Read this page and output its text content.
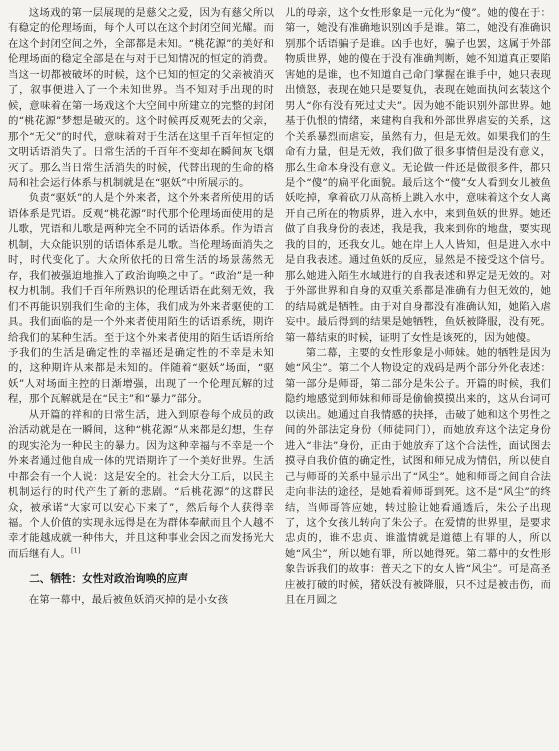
这场戏的第一层展现的是慈父之爱，因为有慈父所以有稳定的伦理场面，每个人可以在这个封闭空间光耀。而在这个封闭空间之外，全部都是未知。“桃花源”的美好和伦理场面的稳定全部是在与对于已知情况的恒定的消费。当这一切都被破坏的时候，这个已知的恒定的父亲被消灭了，叙事便进入了一个未知世界。当不知对手出现的时候，意味着在第一场戏这个大空间中所建立的完整的封闭的“桃花源”梦想是破灭的。这个时候再反观死去的父亲，那个“无父”的时代，意味着对于生活在这里千百年恒定的文明话语消失了。日常生活的千百年不变却在瞬间灰飞烟灭了。那么当日常生活消失的时候，代替出现的生命的格局和社会运行体系与机制就是在“驱妖”中所展示的。

负责“驱妖”的人是个外来者，这个外来者所使用的话语体系是咒语。反观“桃花源”时代那个伦理场面使用的是儿歌，咒语和儿歌是两种完全不同的话语体系。作为语言机制，大众能识别的话语体系是儿歌。当伦理场面消失之时，时代变化了。大众所依托的日常生活的场景荡然无存，我们被强迫地推入了政治询唤之中了。“政治”是一种权力机制。我们千百年所熟识的伦理话语在此刻无效，我们不再能识别我们生命的主体，我们成为外来者驱使的工具。我们面临的是一个外来者使用陌生的话语系统，期许给我们的某种生活。至于这个外来者使用的陌生话语所给予我们的生活是确定性的幸福还是确定性的不幸是未知的，这种期许从来都是未知的。伴随着“驱妖”场面，“驱妖”人对场面主控的日渐增强，出现了一个伦理瓦解的过程，那个瓦解就是在“民主”和“暴力”部分。

从开篇的祥和的日常生活，进入到原卷每个成员的政治活动就是在一瞬间，这种“桃花源”从来都是幻想，生存的现实沦为一种民主的暴力。因为这种幸福与不幸是一个外来者通过他自成一体的咒语期许了一个美好世界。生活中都会有一个人说：这是安全的。社会大分工后，以民主机制运行的时代产生了新的悲剧。“后桃花源”的这群民众，被承诺“大家可以安心下来了”，然后每个人获得幸福。个人价值的实现永远得是在为群体奉献而且个人越不幸才能越成就一种伟大，并且这种事业会因之而发扬光大而后继有人。[1]

二、牺牲：女性对政治询唤的应声

在第一幕中，最后被鱼妖消灭掉的是小女孩

儿的母亲，这个女性形象是一元化为“傻”。她的傻在于：第一，她没有准确地识别凶手是谁。第二，她没有准确识别那个话语骗子是谁。凶手也好，骗子也罢，这属于外部物质世界，她的傻在于没有准确判断，她不知道真正要陷害她的是谁，也不知道自己命门掌握在谁手中，她只表现出愤怒，表现在她只是要复仇，表现在她面执问玄装这个男人“你有没有死过丈夫”。因为她不能识别外部世界。她基于仇恨的情绪，来建构自我和外部世界虐妄的关系，这个关系暴烈而虐妄，虽然有力，但是无效。如果我们的生命有力量，但是无效，我们做了很多事情但是没有意义，那么生命本身没有意义。无论做一件还是做很多件，都只是个“傻”的扁平化面貌。最后这个“傻”女人看到女儿被鱼妖吃掉，拿着砍刀从高桥上跳入水中，意味着这个女人离开自己所在的物质界，进入水中，来到鱼妖的世界。她还做了自我身份的表述，我是我，我来到你的地盘，要实现我的目的，还我女儿。她在岸上人人皆知，但是进入水中是自我表述。通过鱼妖的反应，显然是不接受这个信号。那么她进入陌生水域进行的自我表述和界定是无效的。对于外部世界和自身的双重关系都是准确有力但无效的，她的结局就是牺牲。由于对自身都没有准确认知，她陷入虐妄中。最后得到的结果是她牺牲，鱼妖被降服，没有死。第一幕结束的时候，证明了女性是该死的，因为她傻。

第二幕，主要的女性形象是小师妹。她的牺牲是因为她“风尘”。第二个人物设定的戏码是两个部分外化表述：第一部分是师哥，第二部分是朱公子。开篇的时候，我们隐约地感觉到师妹和师哥是偷偷摸摸出来的，这从台词可以读出。她通过自我情感的抉择，击破了她和这个男性之间的外部法定身份（师徒同门），而她放弃这个法定身份进入“非法”身份，正由于她放弃了这个合法性，面试图去摸寻自我价值的确定性，试图和师兄成为情侣，所以使自己与师哥的关系中显示出了“风尘”。她和师哥之间自合法走向非法的途径，是她看着师哥到死。这不是“风尘”的终结，当师哥答应她，转过脸让她看通透后，朱公子出现了，这个女孩儿转向了朱公子。在爱情的世界里，是要求忠贞的，谁不忠贞、谁滥情就是道德上有罪的人，所以她“风尘”，所以她有罪，所以她得死。第二幕中的女性形象告诉我们的故事：普天之下的女人皆“风尘”。可是高圣庄被打破的时候，猪妖没有被降服，只不过是被击伤，而且在月圆之
